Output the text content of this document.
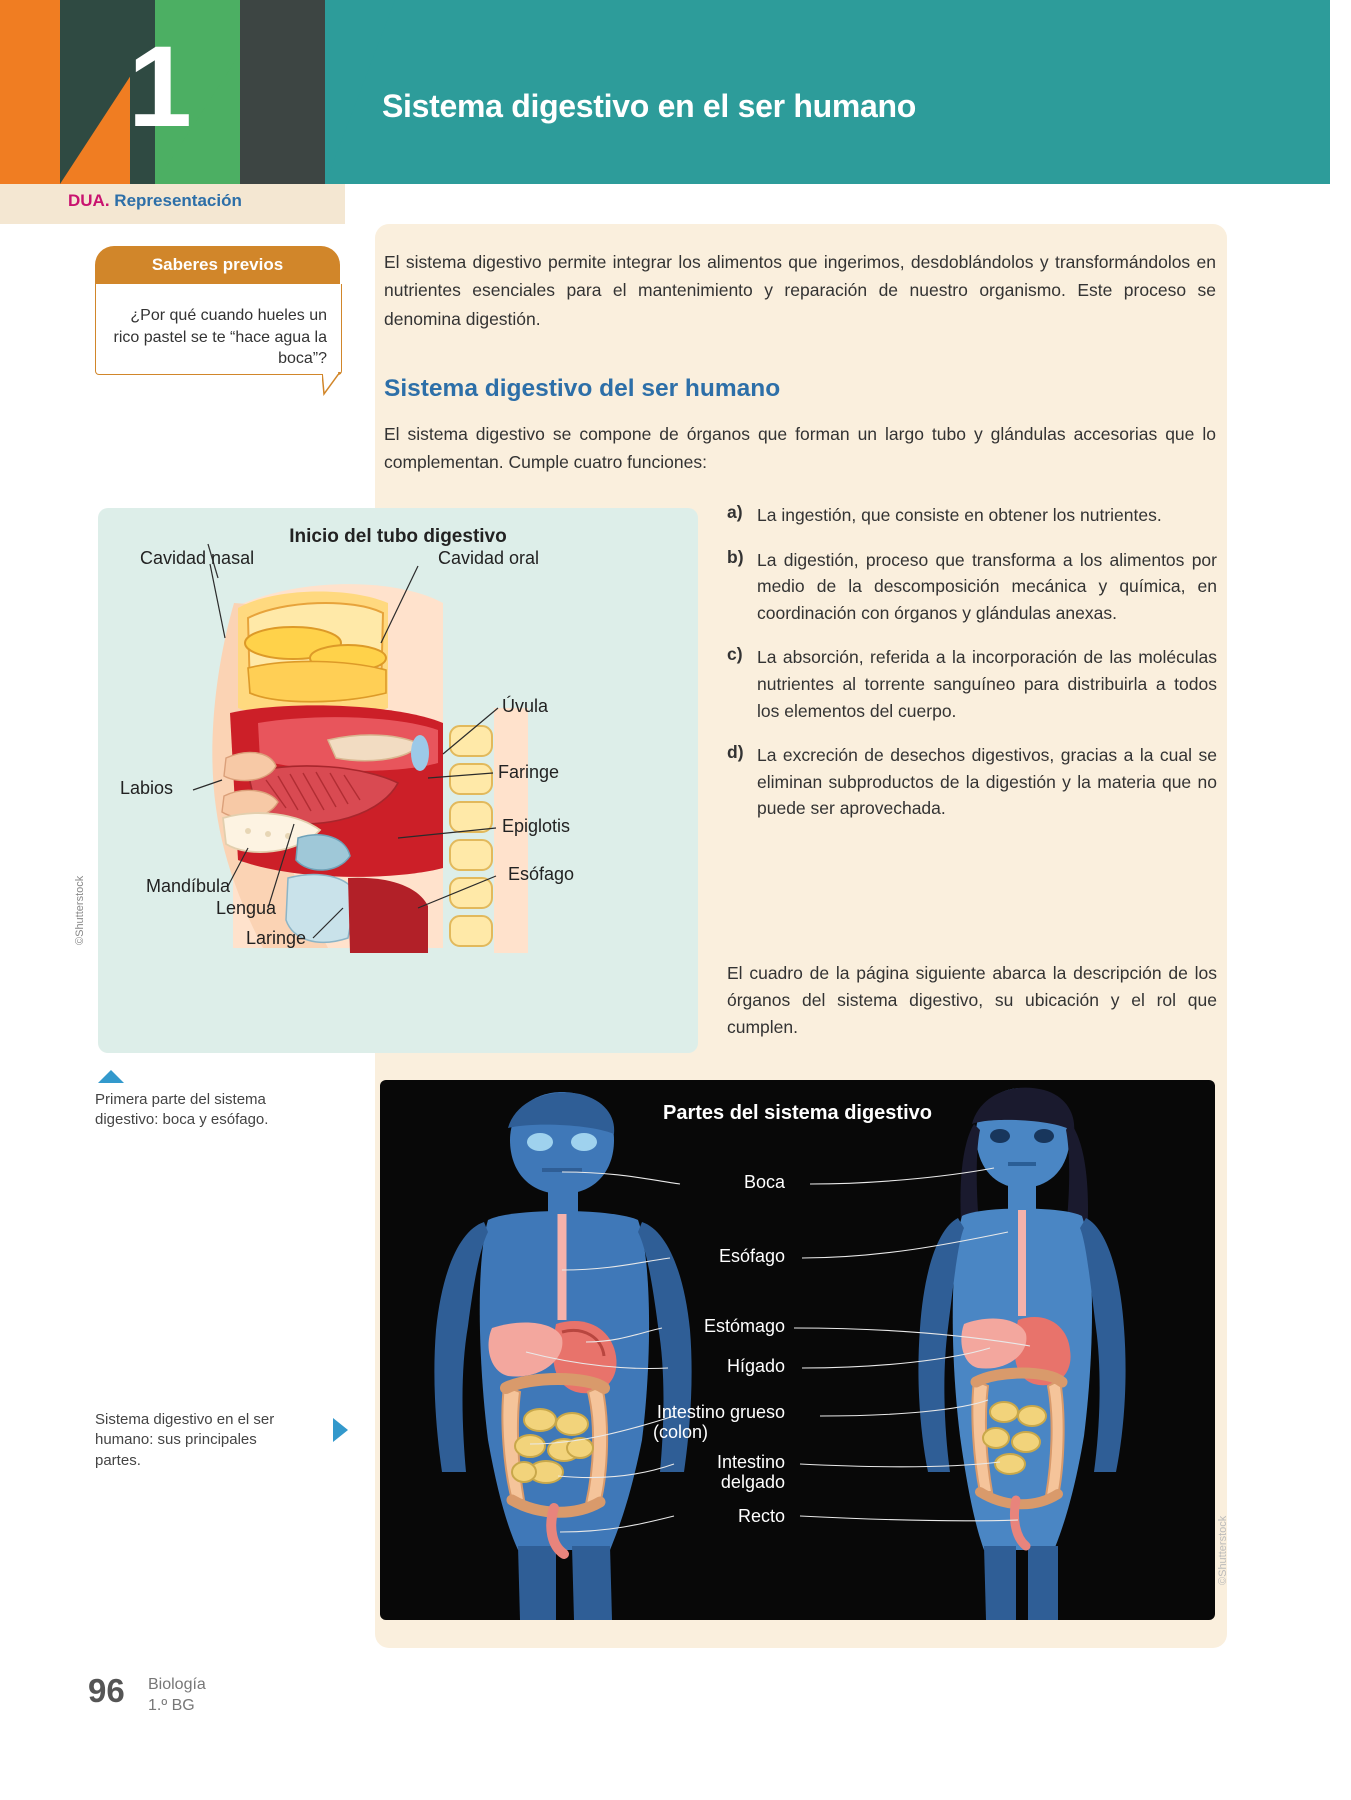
1	Sistema digestivo en el ser humano
DUA. Representación
Saberes previos
¿Por qué cuando hueles un rico pastel se te “hace agua la boca”?
El sistema digestivo permite integrar los alimentos que ingerimos, desdoblándolos y transformándolos en nutrientes esenciales para el mantenimiento y reparación de nuestro organismo. Este proceso se denomina digestión.
Sistema digestivo del ser humano
El sistema digestivo se compone de órganos que forman un largo tubo y glándulas accesorias que lo complementan. Cumple cuatro funciones:
a) La ingestión, que consiste en obtener los nutrientes.
b) La digestión, proceso que transforma a los alimentos por medio de la descomposición mecánica y química, en coordinación con órganos y glándulas anexas.
c) La absorción, referida a la incorporación de las moléculas nutrientes al torrente sanguíneo para distribuirla a todos los elementos del cuerpo.
d) La excreción de desechos digestivos, gracias a la cual se eliminan subproductos de la digestión y la materia que no puede ser aprovechada.
El cuadro de la página siguiente abarca la descripción de los órganos del sistema digestivo, su ubicación y el rol que cumplen.
Inicio del tubo digestivo
Cavidad nasal	Cavidad oral
Úvula
Faringe
Epiglotis
Esófago
Labios
Mandíbula
Lengua
Laringe
©Shutterstock
Primera parte del sistema digestivo: boca y esófago.
Sistema digestivo en el ser humano: sus principales partes.
Partes del sistema digestivo
Boca
Esófago
Estómago
Hígado
Intestino grueso
(colon)
Intestino
delgado
Recto	©Shutterstock
96 Biología
1.º BG
